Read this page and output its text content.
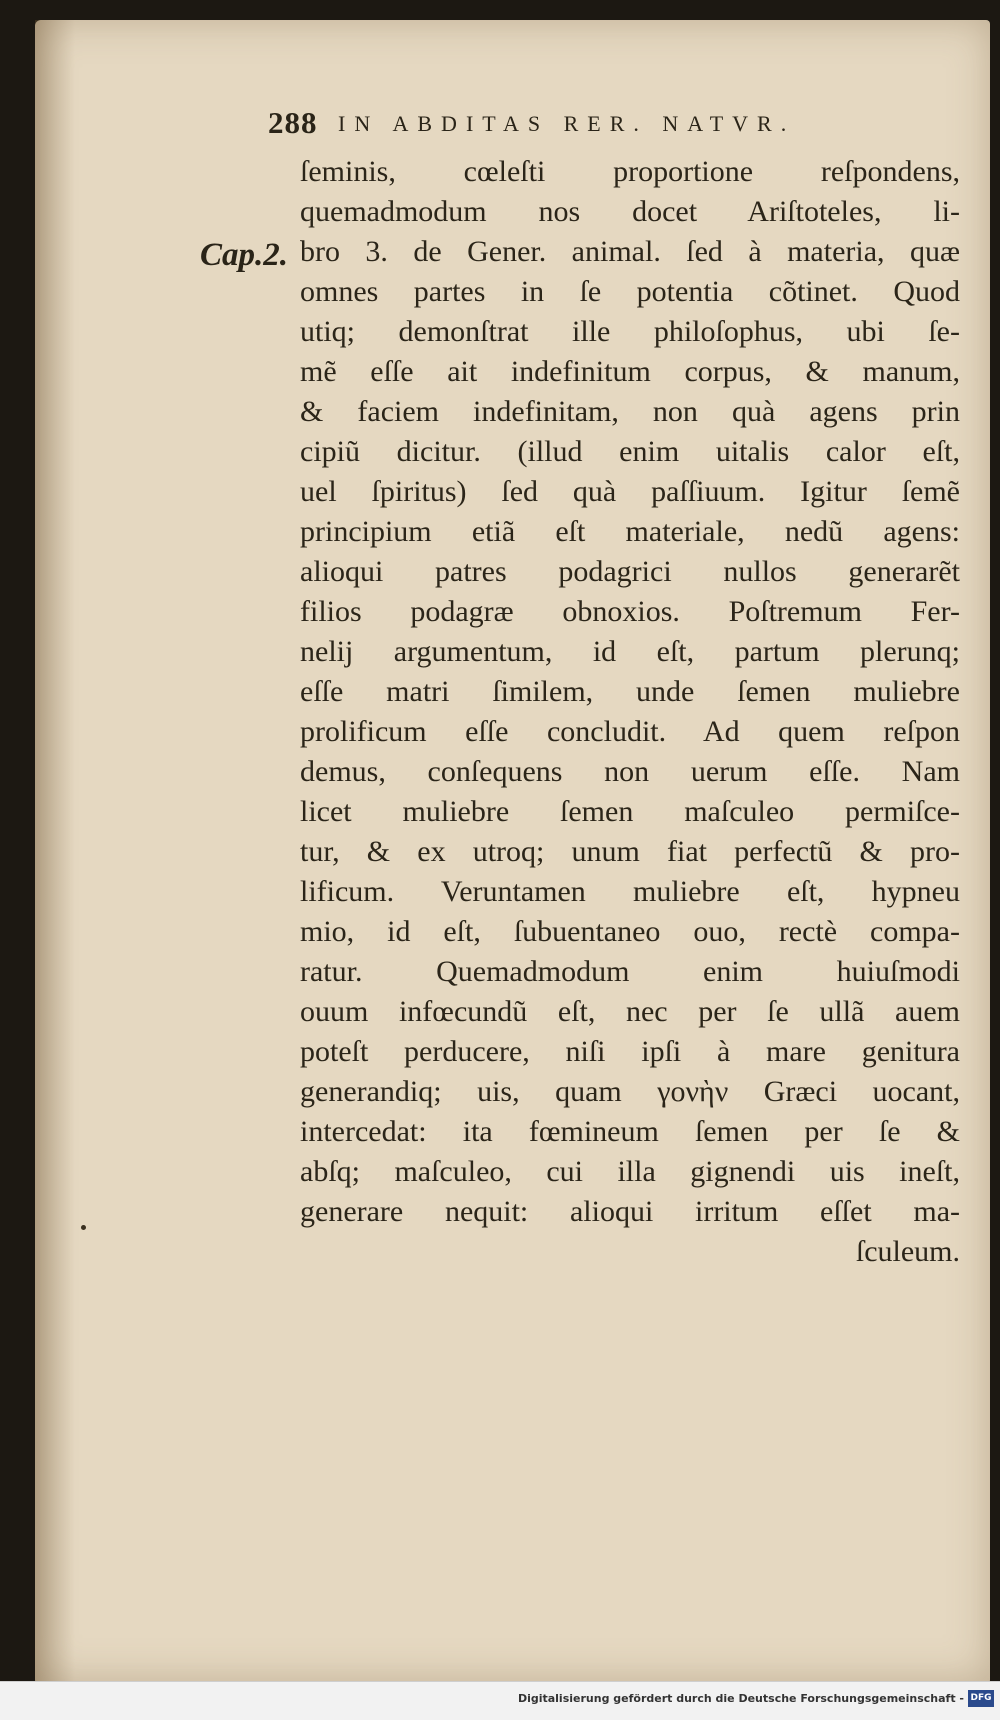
288 IN ABDITAS RER. NATVR.
Cap.2.
ſeminis, cœleſti proportione reſpondens,
quemadmodum nos docet Ariſtoteles, li-
bro 3. de Gener. animal. ſed à materia, quæ
omnes partes in ſe potentia cõtinet. Quod
utiq; demonſtrat ille philoſophus, ubi ſe-
mẽ eſſe ait indefinitum corpus, & manum,
& faciem indefinitam, non quà agens prin
cipiũ dicitur. (illud enim uitalis calor eſt,
uel ſpiritus) ſed quà paſſiuum. Igitur ſemẽ
principium etiã eſt materiale, nedũ agens:
alioqui patres podagrici nullos generarẽt
filios podagræ obnoxios. Poſtremum Fer-
nelij argumentum, id eſt, partum plerunq;
eſſe matri ſimilem, unde ſemen muliebre
prolificum eſſe concludit. Ad quem reſpon
demus, conſequens non uerum eſſe. Nam
licet muliebre ſemen maſculeo permiſce-
tur, & ex utroq; unum fiat perfectũ & pro-
lificum. Veruntamen muliebre eſt, hypneu
mio, id eſt, ſubuentaneo ouo, rectè compa-
ratur. Quemadmodum enim huiuſmodi
ouum infœcundũ eſt, nec per ſe ullã auem
poteſt perducere, niſi ipſi à mare genitura
generandiq; uis, quam γονὴν Græci uocant,
intercedat: ita fœmineum ſemen per ſe &
abſq; maſculeo, cui illa gignendi uis ineſt,
generare nequit: alioqui irritum eſſet ma-
ſculeum.
Digitalisierung gefördert durch die Deutsche Forschungsgemeinschaft - DFG
